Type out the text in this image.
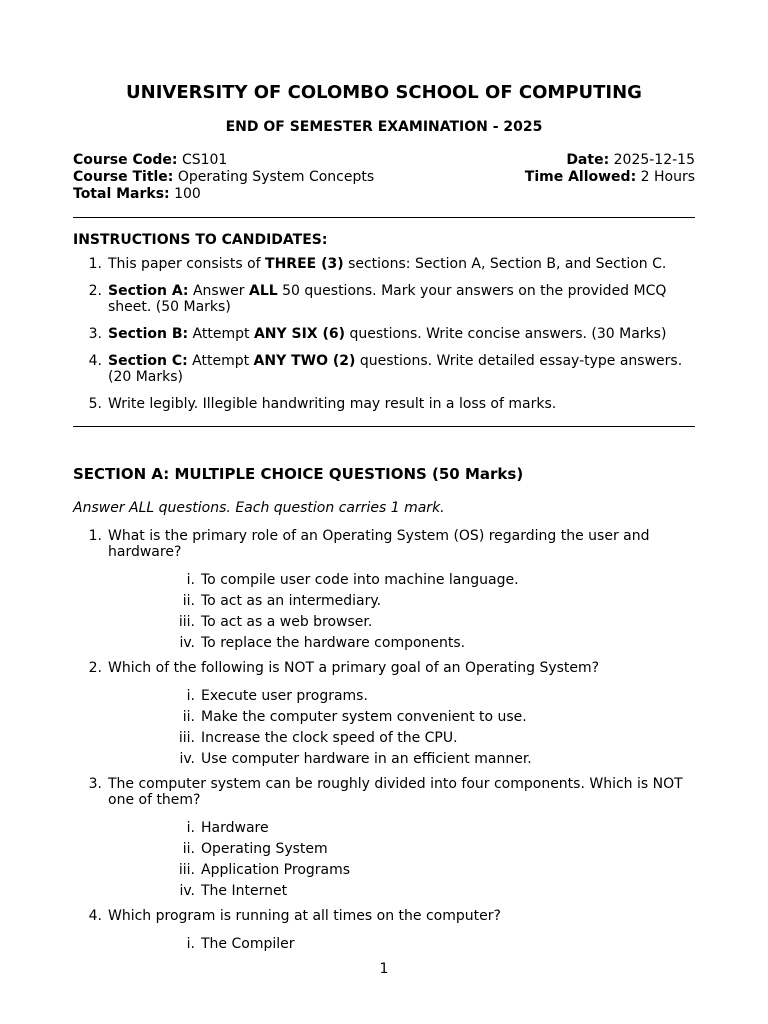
UNIVERSITY OF COLOMBO SCHOOL OF COMPUTING
END OF SEMESTER EXAMINATION - 2025
Course Code: CS101
Course Title: Operating System Concepts
Total Marks: 100
Date: 2025-12-15
Time Allowed: 2 Hours
INSTRUCTIONS TO CANDIDATES:
1. This paper consists of THREE (3) sections: Section A, Section B, and Section C.
2. Section A: Answer ALL 50 questions. Mark your answers on the provided MCQ sheet. (50 Marks)
3. Section B: Attempt ANY SIX (6) questions. Write concise answers. (30 Marks)
4. Section C: Attempt ANY TWO (2) questions. Write detailed essay-type answers. (20 Marks)
5. Write legibly. Illegible handwriting may result in a loss of marks.
SECTION A: MULTIPLE CHOICE QUESTIONS (50 Marks)
Answer ALL questions. Each question carries 1 mark.
1. What is the primary role of an Operating System (OS) regarding the user and hardware?
i. To compile user code into machine language.
ii. To act as an intermediary.
iii. To act as a web browser.
iv. To replace the hardware components.
2. Which of the following is NOT a primary goal of an Operating System?
i. Execute user programs.
ii. Make the computer system convenient to use.
iii. Increase the clock speed of the CPU.
iv. Use computer hardware in an efficient manner.
3. The computer system can be roughly divided into four components. Which is NOT one of them?
i. Hardware
ii. Operating System
iii. Application Programs
iv. The Internet
4. Which program is running at all times on the computer?
i. The Compiler
1
